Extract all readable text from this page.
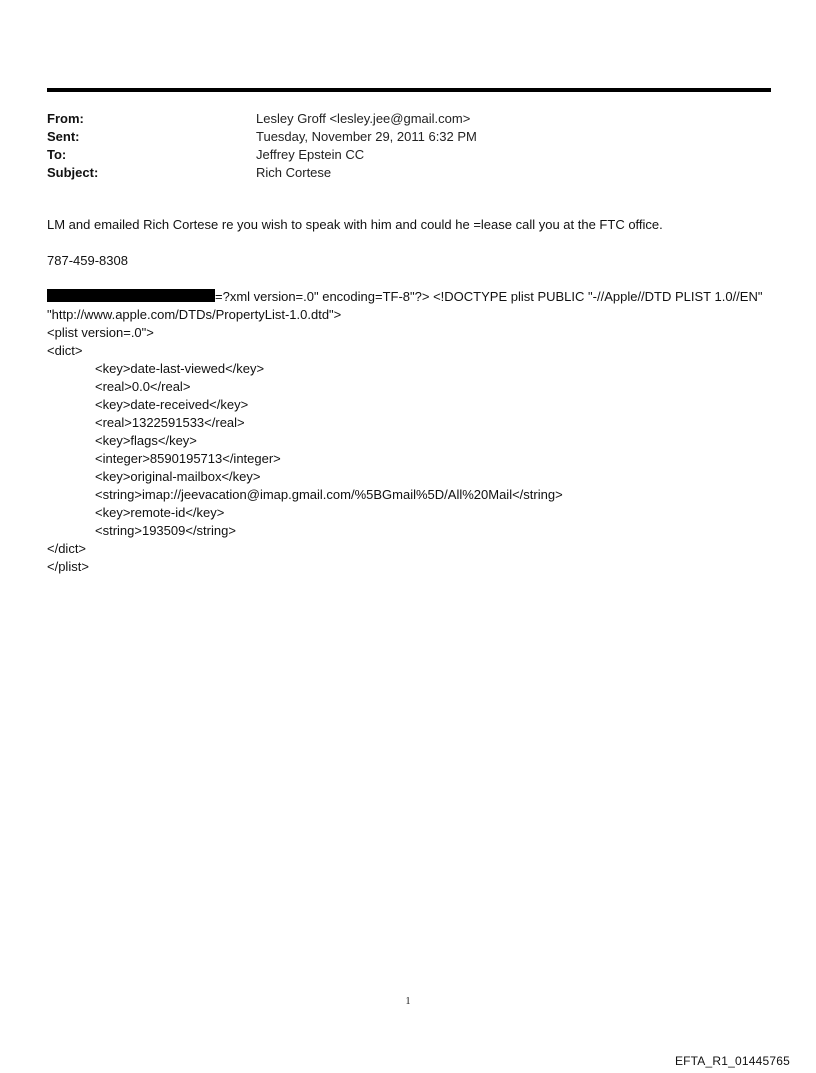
From:	Lesley Groff <lesley.jee@gmail.com>
Sent:	Tuesday, November 29, 2011 6:32 PM
To:	Jeffrey Epstein CC
Subject:	Rich Cortese
LM and emailed Rich Cortese re you wish to speak with him and could he =lease call you at the FTC office.
787-459-8308
=?xml version=.0" encoding=TF-8"?> <!DOCTYPE plist PUBLIC "-//Apple//DTD PLIST 1.0//EN"
"http://www.apple.com/DTDs/PropertyList-1.0.dtd">
<plist version=.0">
<dict>
<key>date-last-viewed</key>
<real>0.0</real>
<key>date-received</key>
<real>1322591533</real>
<key>flags</key>
<integer>8590195713</integer>
<key>original-mailbox</key>
<string>imap://jeevacation@imap.gmail.com/%5BGmail%5D/All%20Mail</string>
<key>remote-id</key>
<string>193509</string>
</dict>
</plist>
1
EFTA_R1_01445765
